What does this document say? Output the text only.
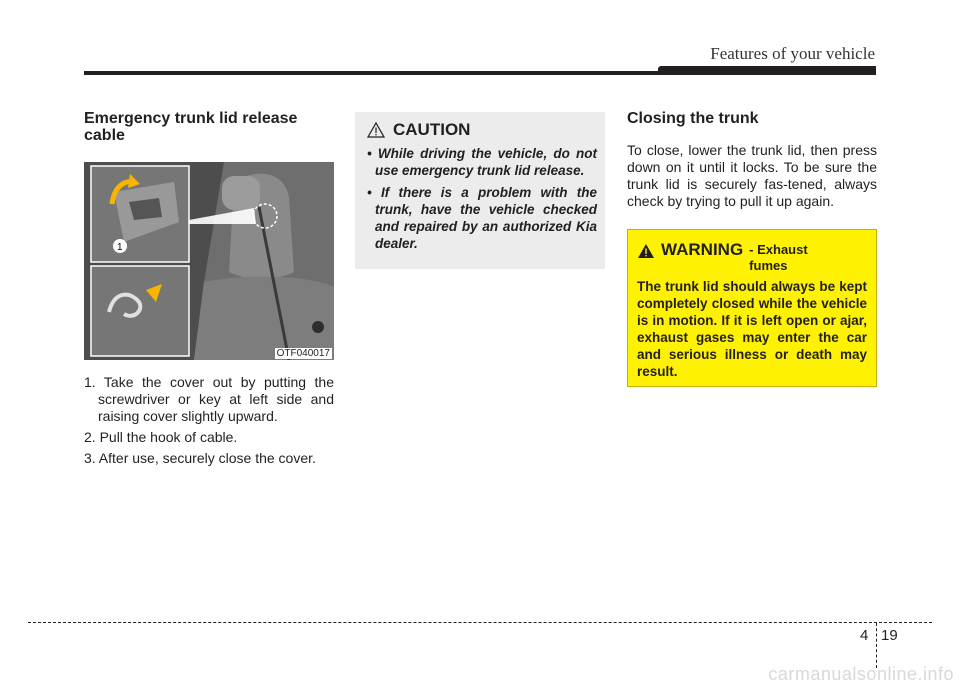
Features of your vehicle
Emergency trunk lid release cable
1
OTF040017
1. Take the cover out by putting the screwdriver or key at left side and raising cover slightly upward.
2. Pull the hook of cable.
3. After use, securely close the cover.
CAUTION
• While driving the vehicle, do not use emergency trunk lid release.
• If there is a problem with the trunk, have the vehicle checked and repaired by an authorized Kia dealer.
Closing the trunk

To close, lower the trunk lid, then press down on it until it locks. To be sure the trunk lid is securely fas-tened, always check by trying to pull it up again.

WARNING - Exhaust fumes
The trunk lid should always be kept completely closed while the vehicle is in motion. If it is left open or ajar, exhaust gases may enter the car and serious illness or death may result.
4 19
carmanualsonline.info
